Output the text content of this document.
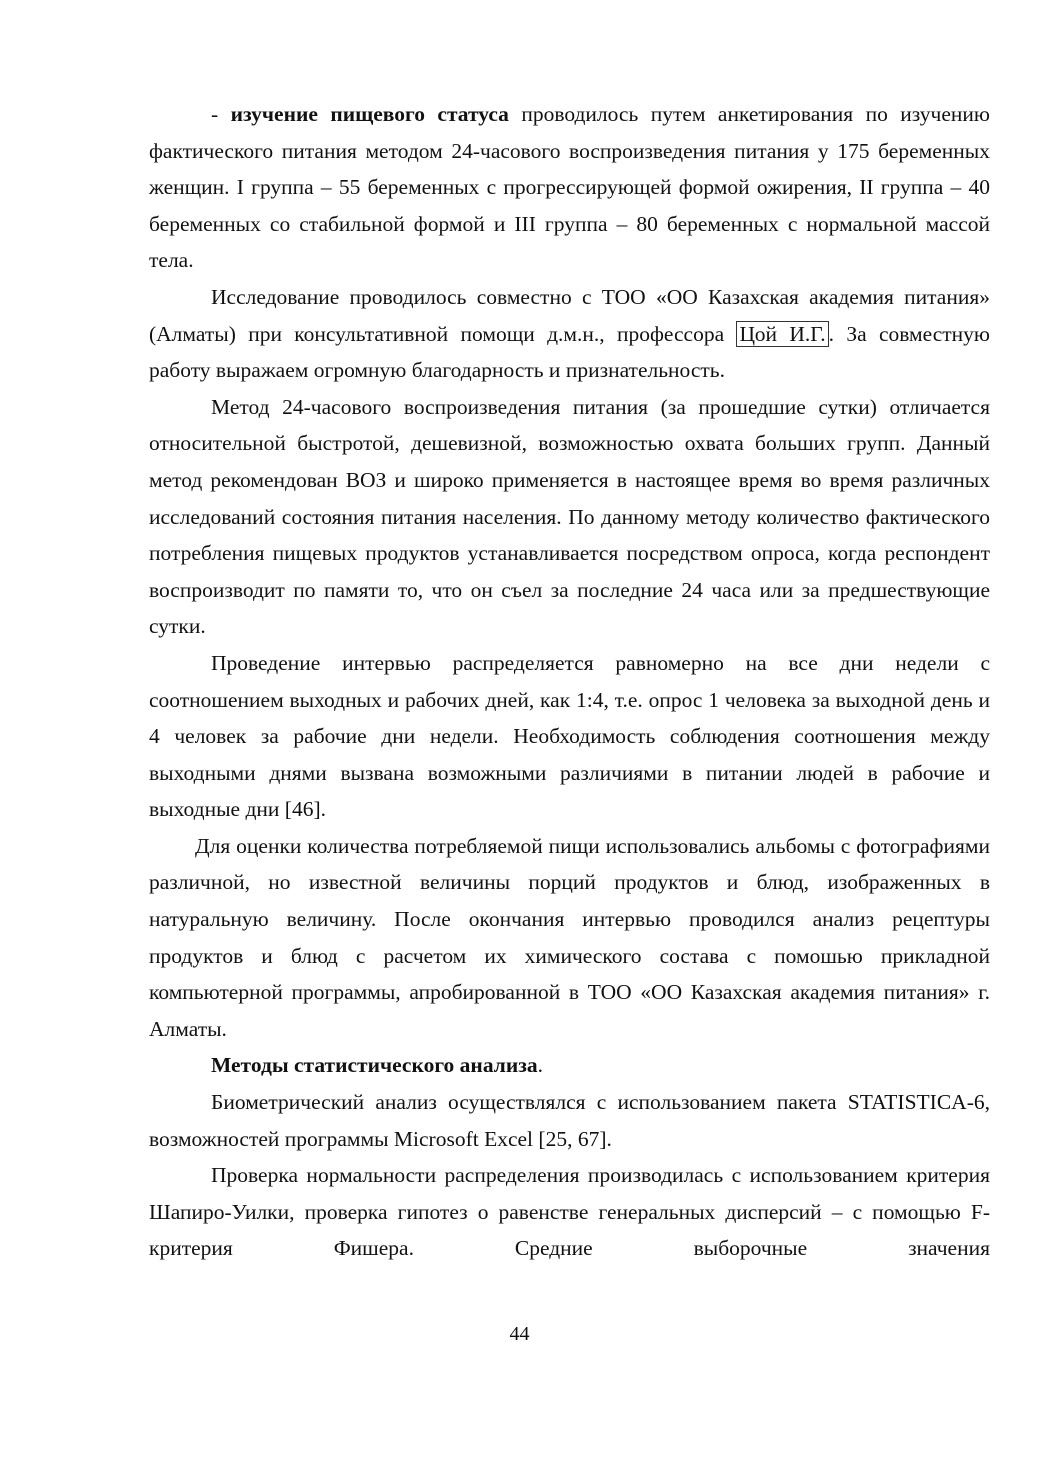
- изучение пищевого статуса проводилось путем анкетирования по изучению фактического питания методом 24-часового воспроизведения питания у 175 беременных женщин. I группа – 55 беременных с прогрессирующей формой ожирения, II группа – 40 беременных со стабильной формой и III группа – 80 беременных с нормальной массой тела.

Исследование проводилось совместно с ТОО «ОО Казахская академия питания» (Алматы) при консультативной помощи д.м.н., профессора Цой И.Г. . За совместную работу выражаем огромную благодарность и признательность.

Метод 24-часового воспроизведения питания (за прошедшие сутки) отличается относительной быстротой, дешевизной, возможностью охвата больших групп. Данный метод рекомендован ВОЗ и широко применяется в настоящее время во время различных исследований состояния питания населения. По данному методу количество фактического потребления пищевых продуктов устанавливается посредством опроса, когда респондент воспроизводит по памяти то, что он съел за последние 24 часа или за предшествующие сутки.

Проведение интервью распределяется равномерно на все дни недели с соотношением выходных и рабочих дней, как 1:4, т.е. опрос 1 человека за выходной день и 4 человек за рабочие дни недели. Необходимость соблюдения соотношения между выходными днями вызвана возможными различиями в питании людей в рабочие и выходные дни [46].

Для оценки количества потребляемой пищи использовались альбомы с фотографиями различной, но известной величины порций продуктов и блюд, изображенных в натуральную величину. После окончания интервью проводился анализ рецептуры продуктов и блюд с расчетом их химического состава с помошью прикладной компьютерной программы, апробированной в ТОО «ОО Казахская академия питания» г. Алматы.

Методы статистического анализа.

Биометрический анализ осуществлялся с использованием пакета STATISTICA-6, возможностей программы Microsoft Excel [25, 67].

Проверка нормальности распределения производилась с использованием критерия Шапиро-Уилки, проверка гипотез о равенстве генеральных дисперсий – с помощью F-критерия Фишера. Средние выборочные значения

44
